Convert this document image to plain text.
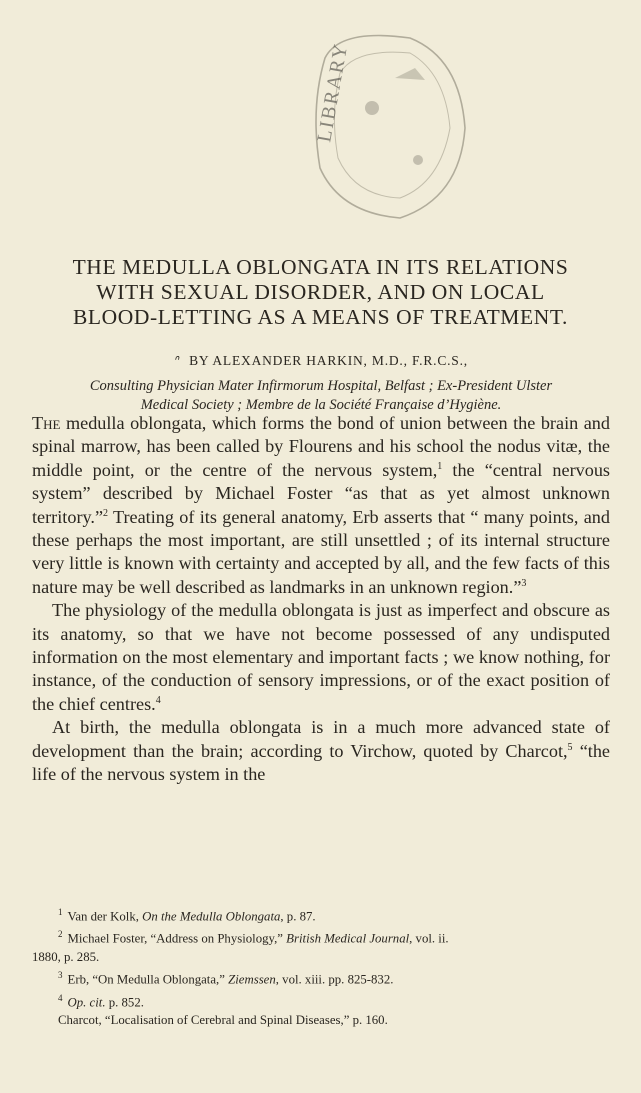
LIBRARY
THE MEDULLA OBLONGATA IN ITS RELATIONS
WITH SEXUAL DISORDER, AND ON LOCAL
BLOOD-LETTING AS A MEANS OF TREATMENT.
ᐢ BY ALEXANDER HARKIN, M.D., F.R.C.S.,
Consulting Physician Mater Infirmorum Hospital, Belfast ; Ex-President Ulster
Medical Society ; Membre de la Société Française d’Hygiène.

The medulla oblongata, which forms the bond of union between the brain and spinal marrow, has been called by Flourens and his school the nodus vitæ, the middle point, or the centre of the nervous system,$^1$ the “central nervous system” described by Michael Foster “as that as yet almost unknown territory.”$^2$ Treating of its general anatomy, Erb asserts that “ many points, and these perhaps the most important, are still unsettled ; of its internal structure very little is known with certainty and accepted by all, and the few facts of this nature may be well described as landmarks in an unknown region.”$^3$

The physiology of the medulla oblongata is just as imperfect and obscure as its anatomy, so that we have not become possessed of any undisputed information on the most elementary and important facts ; we know nothing, for instance, of the conduction of sensory impressions, or of the exact position of the chief centres.$^4$

At birth, the medulla oblongata is in a much more advanced state of development than the brain; according to Virchow, quoted by Charcot,$^5$ “the life of the nervous system in the

$^1$ Van der Kolk, On the Medulla Oblongata, p. 87.
$^2$ Michael Foster, “Address on Physiology,” British Medical Journal, vol. ii.
1880, p. 285.
$^3$ Erb, “On Medulla Oblongata,” Ziemssen, vol. xiii. pp. 825-832.
$^4$ Op. cit. p. 852.
Charcot, “Localisation of Cerebral and Spinal Diseases,” p. 160.
